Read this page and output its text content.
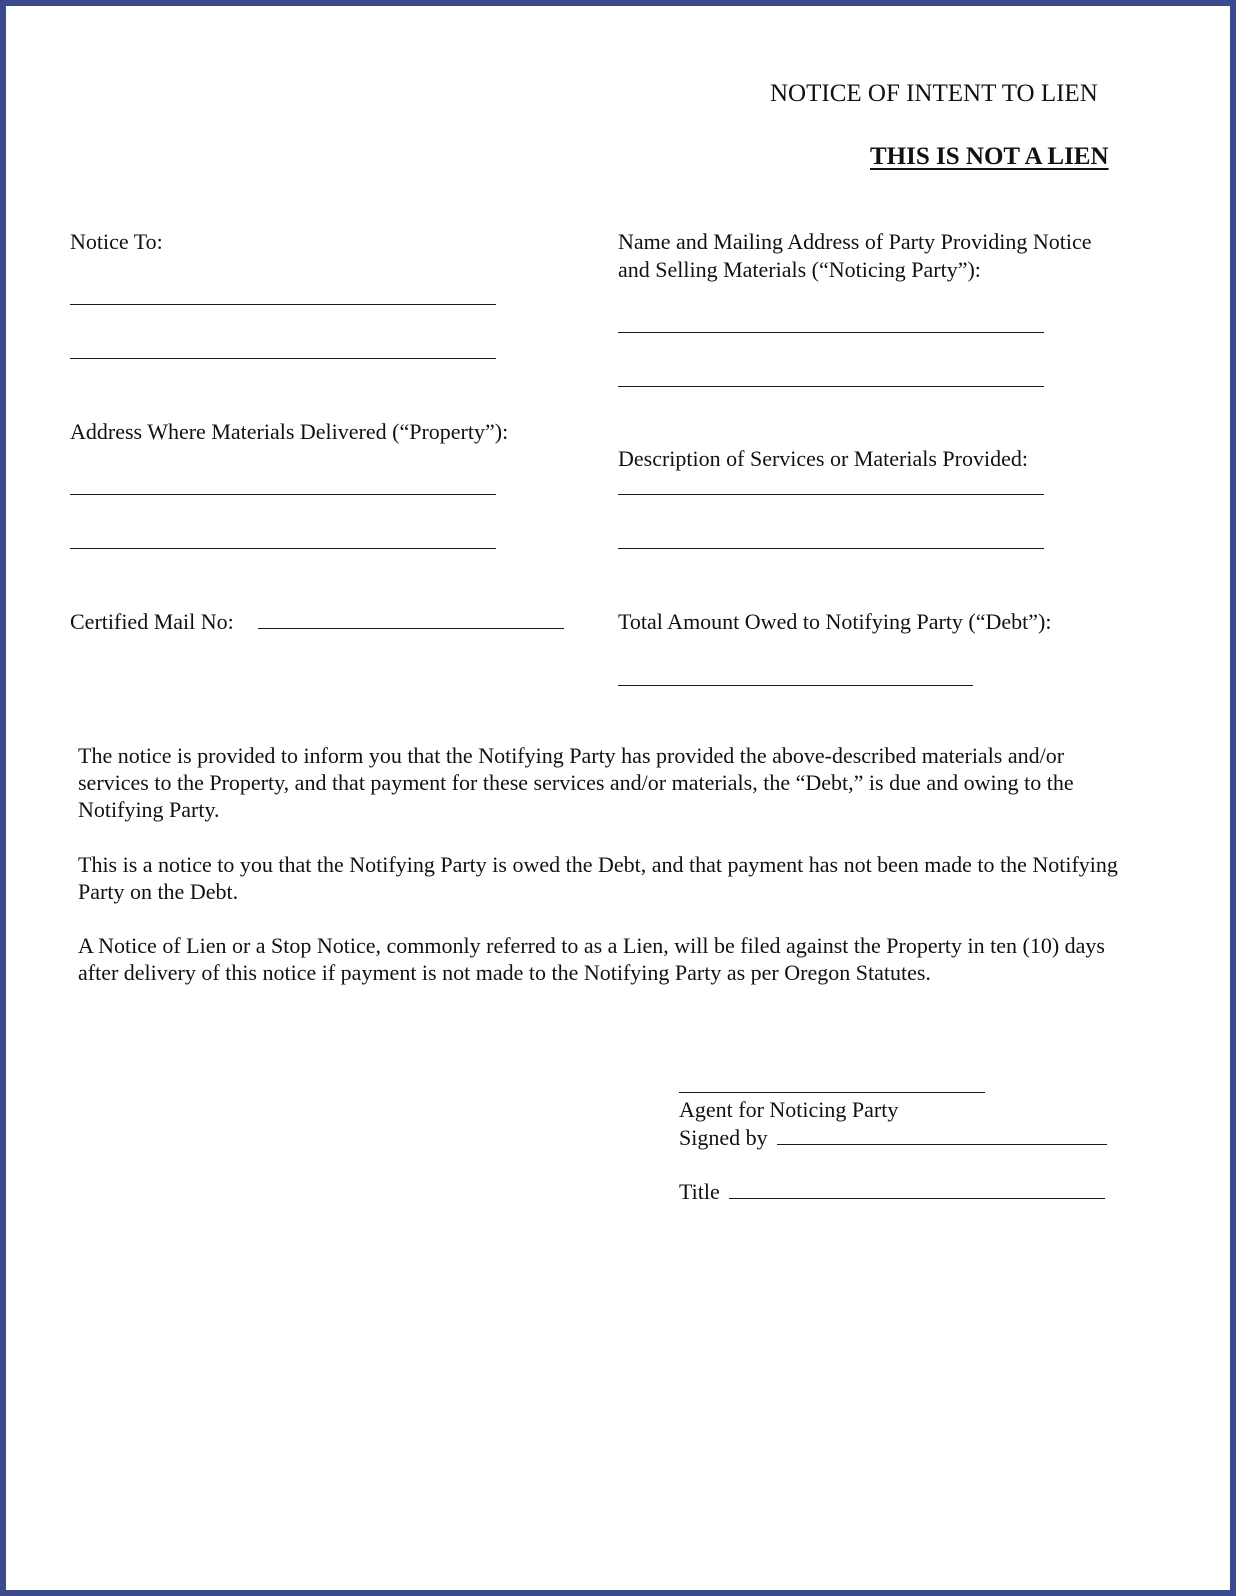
NOTICE OF INTENT TO LIEN
THIS IS NOT A LIEN
Notice To:
Address Where Materials Delivered (“Property”):
Certified Mail No:
Name and Mailing Address of Party Providing Notice
and Selling Materials (“Noticing Party”):
Description of Services or Materials Provided:
Total Amount Owed to Notifying Party (“Debt”):
The notice is provided to inform you that the Notifying Party has provided the above-described materials and/or services to the Property, and that payment for these services and/or materials, the “Debt,” is due and owing to the Notifying Party.
This is a notice to you that the Notifying Party is owed the Debt, and that payment has not been made to the Notifying Party on the Debt.
A Notice of Lien or a Stop Notice, commonly referred to as a Lien, will be filed against the Property in ten (10) days after delivery of this notice if payment is not made to the Notifying Party as per Oregon Statutes.
Agent for Noticing Party
Signed by
Title
